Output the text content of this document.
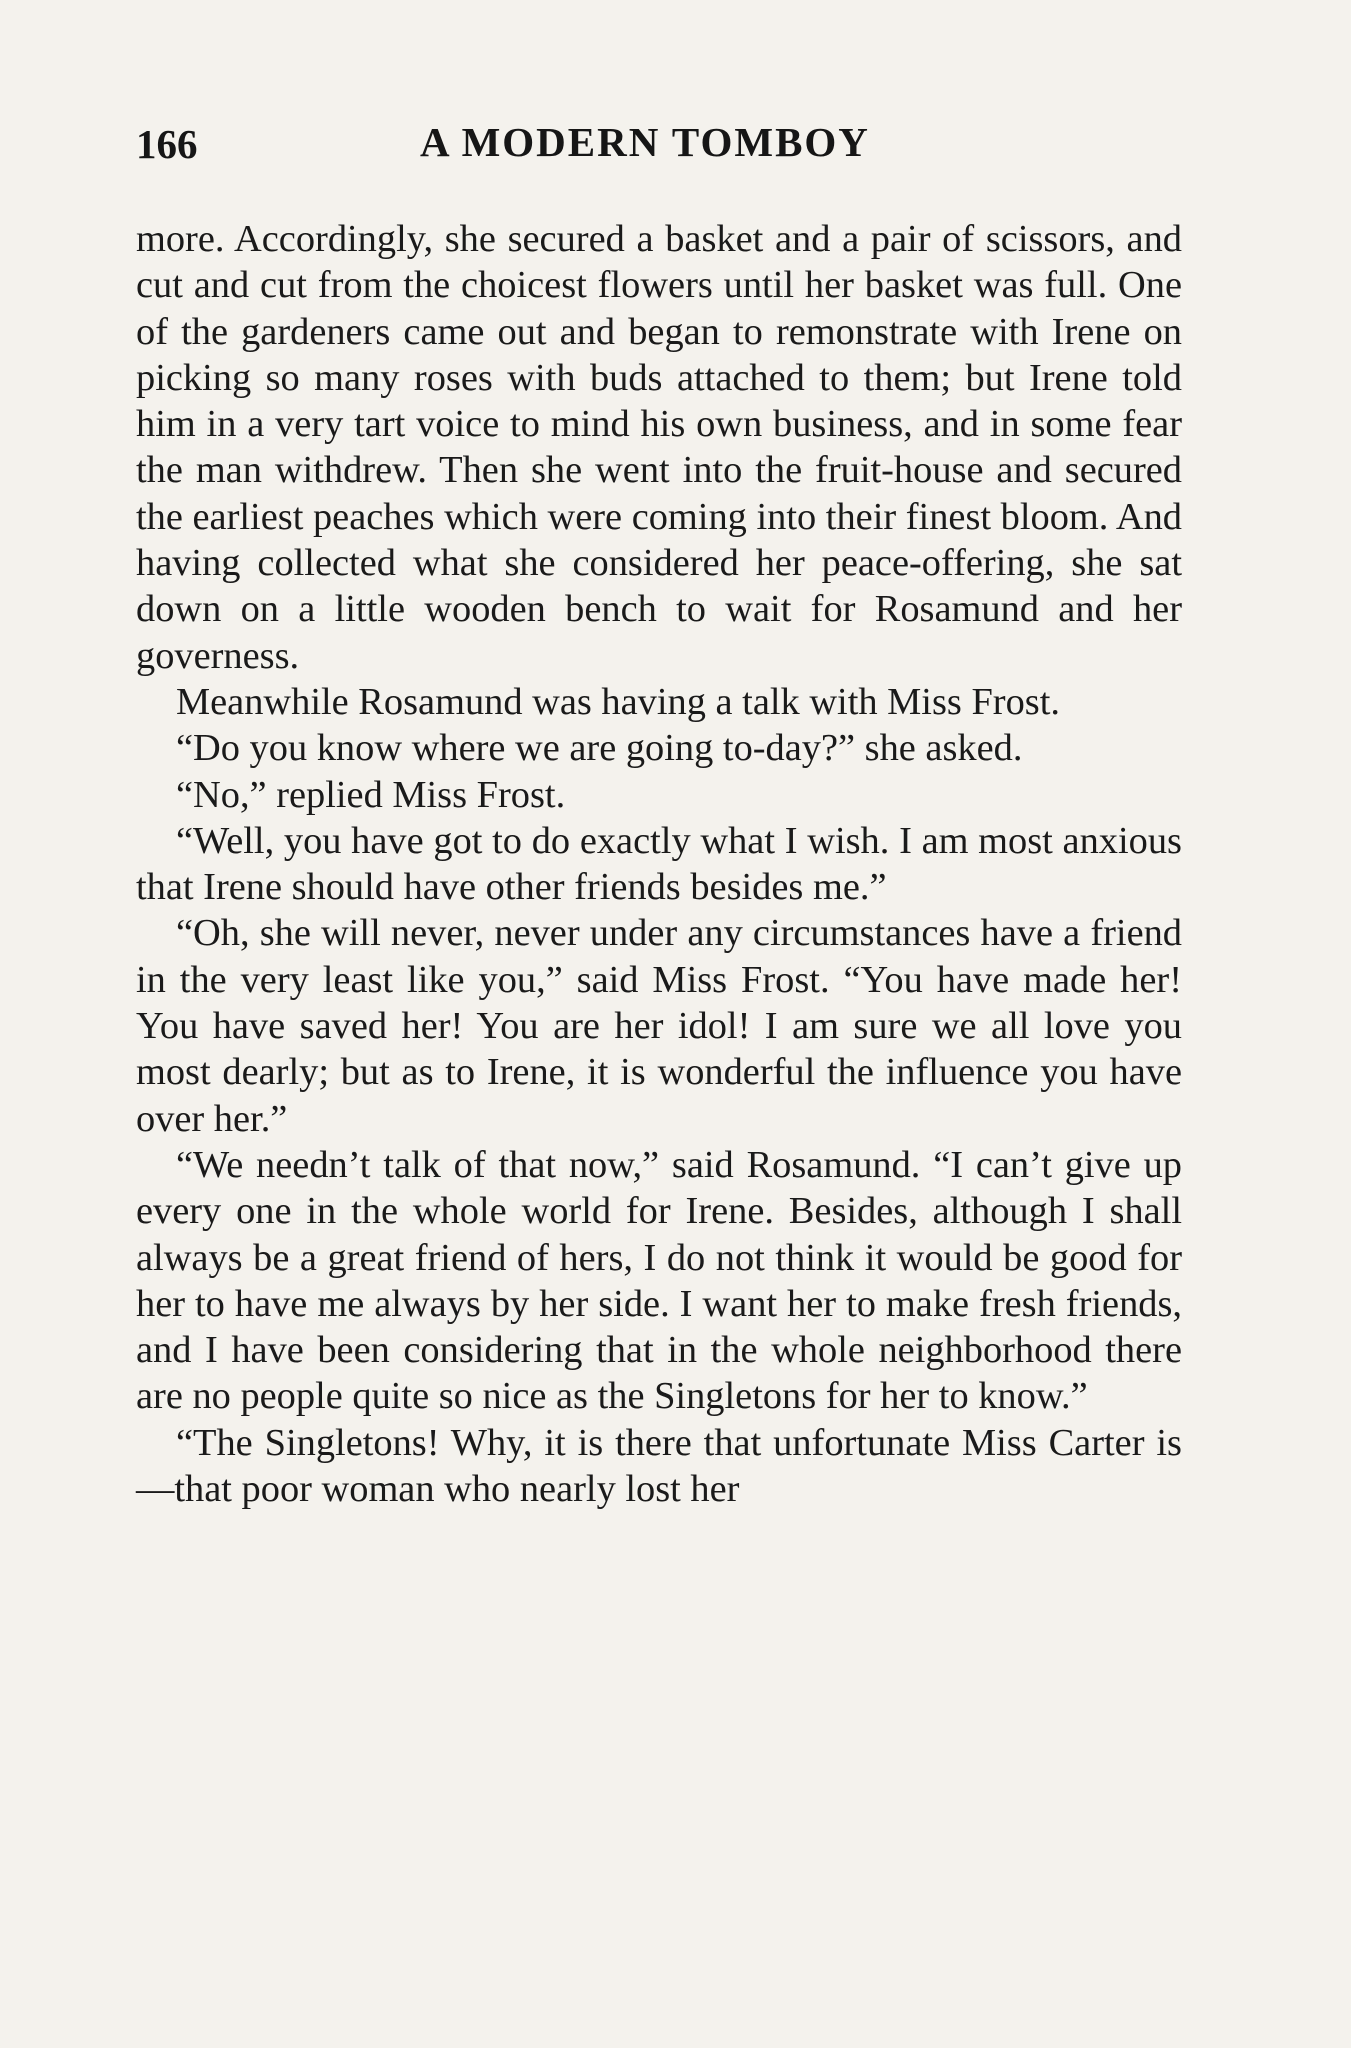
166	A MODERN TOMBOY

more. Accordingly, she secured a basket and a pair of scissors, and cut and cut from the choicest flowers until her basket was full. One of the gardeners came out and began to remonstrate with Irene on picking so many roses with buds attached to them; but Irene told him in a very tart voice to mind his own business, and in some fear the man withdrew. Then she went into the fruit-house and secured the earliest peaches which were coming into their finest bloom. And having collected what she considered her peace-offering, she sat down on a little wooden bench to wait for Rosamund and her governess.

Meanwhile Rosamund was having a talk with Miss Frost.

“Do you know where we are going to-day?” she asked.

“No,” replied Miss Frost.

“Well, you have got to do exactly what I wish. I am most anxious that Irene should have other friends besides me.”

“Oh, she will never, never under any circumstances have a friend in the very least like you,” said Miss Frost. “You have made her! You have saved her! You are her idol! I am sure we all love you most dearly; but as to Irene, it is wonderful the influence you have over her.”

“We needn’t talk of that now,” said Rosamund. “I can’t give up every one in the whole world for Irene. Besides, although I shall always be a great friend of hers, I do not think it would be good for her to have me always by her side. I want her to make fresh friends, and I have been considering that in the whole neighborhood there are no people quite so nice as the Singletons for her to know.”

“The Singletons! Why, it is there that unfortunate Miss Carter is—that poor woman who nearly lost her
